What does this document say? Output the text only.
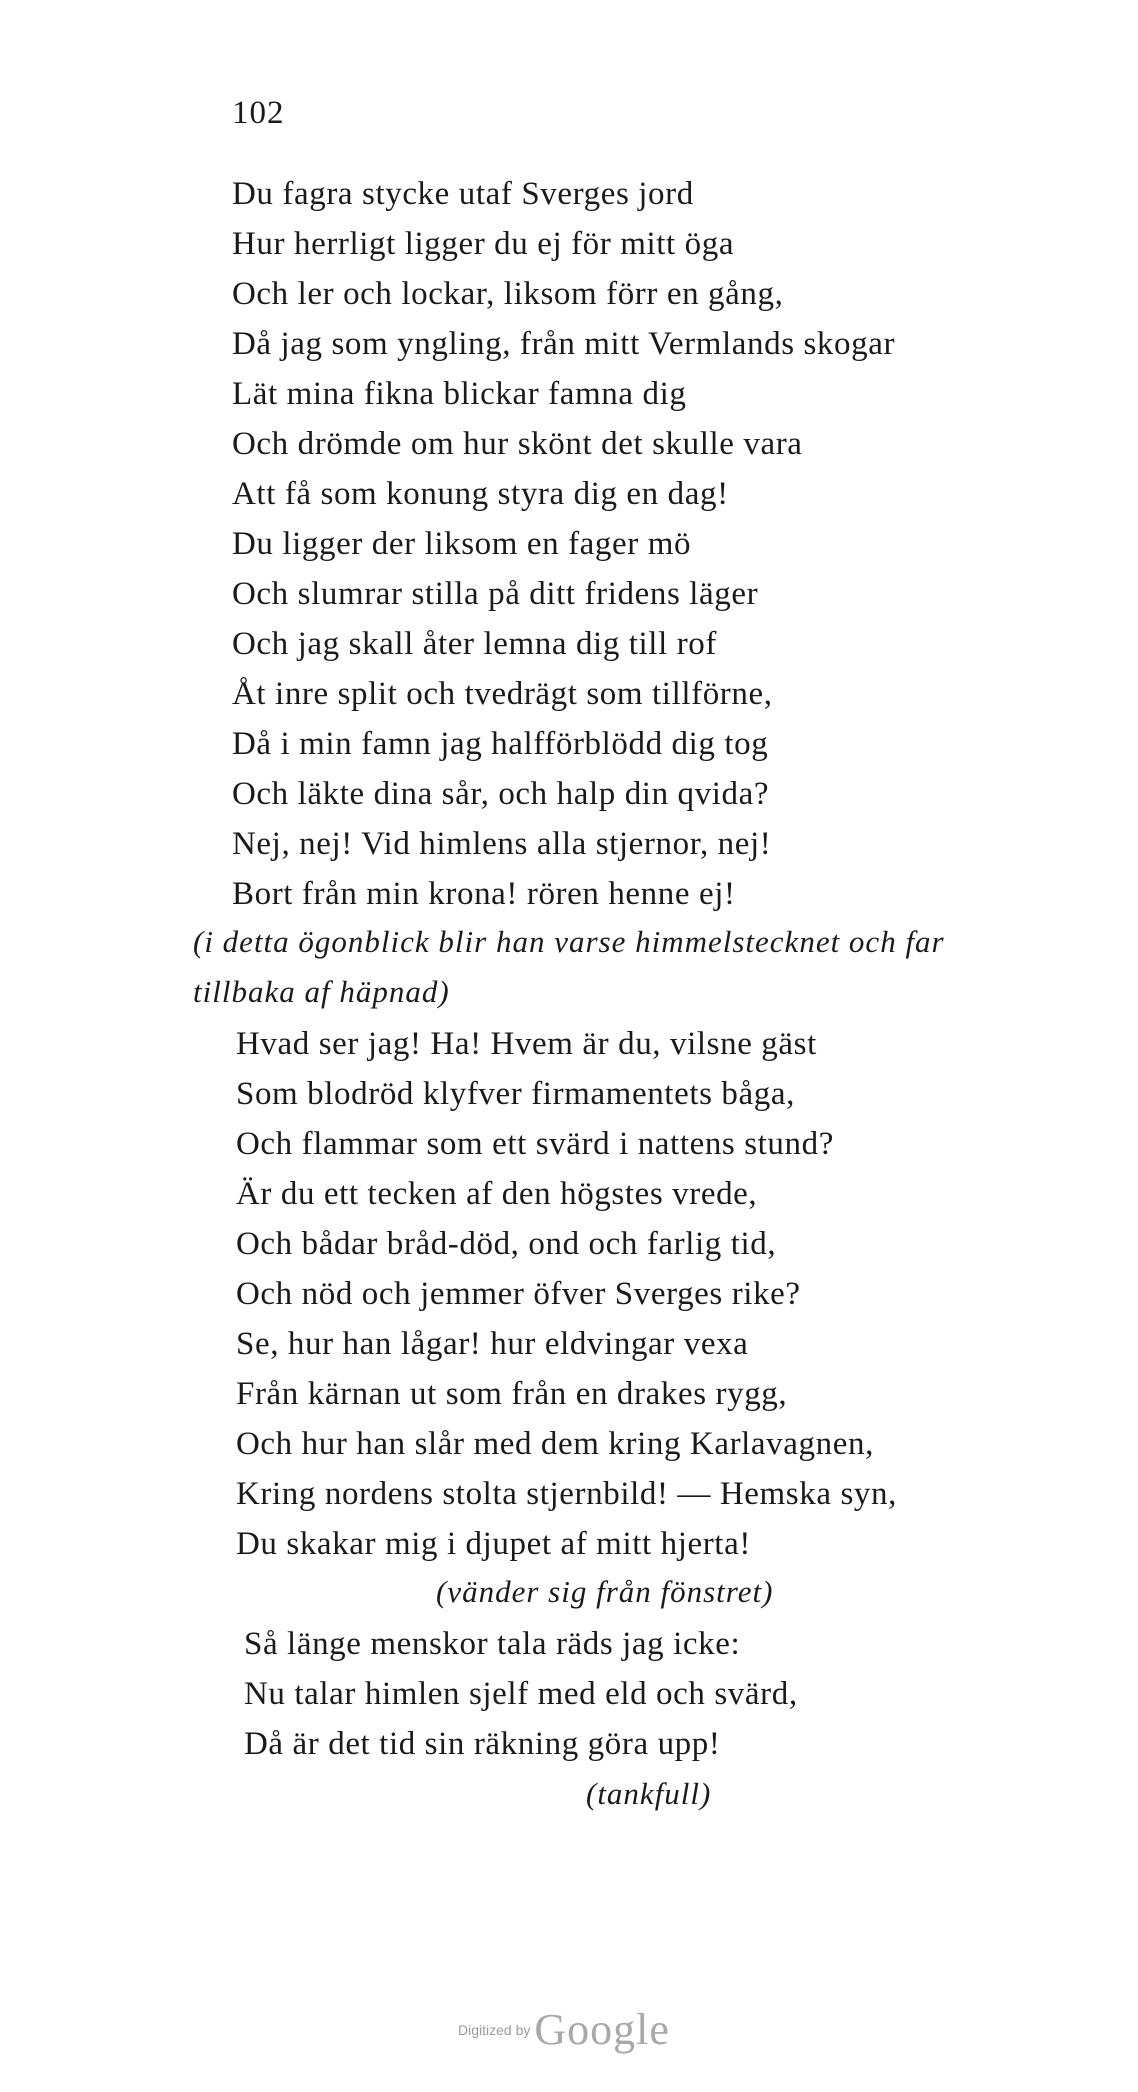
102
Du fagra stycke utaf Sverges jord
Hur herrligt ligger du ej för mitt öga
Och ler och lockar, liksom förr en gång,
Då jag som yngling, från mitt Vermlands skogar
Lät mina fikna blickar famna dig
Och drömde om hur skönt det skulle vara
Att få som konung styra dig en dag!
Du ligger der liksom en fager mö
Och slumrar stilla på ditt fridens läger
Och jag skall åter lemna dig till rof
Åt inre split och tvedrägt som tillförne,
Då i min famn jag halfförblödd dig tog
Och läkte dina sår, och halp din qvida?
Nej, nej! Vid himlens alla stjernor, nej!
Bort från min krona! rören henne ej!
(i detta ögonblick blir han varse himmelstecknet och far
tillbaka af häpnad)
Hvad ser jag! Ha! Hvem är du, vilsne gäst
Som blodröd klyfver firmamentets båga,
Och flammar som ett svärd i nattens stund?
Är du ett tecken af den högstes vrede,
Och bådar bråd-död, ond och farlig tid,
Och nöd och jemmer öfver Sverges rike?
Se, hur han lågar! hur eldvingar vexa
Från kärnan ut som från en drakes rygg,
Och hur han slår med dem kring Karlavagnen,
Kring nordens stolta stjernbild! — Hemska syn,
Du skakar mig i djupet af mitt hjerta!
(vänder sig från fönstret)
Så länge menskor tala räds jag icke:
Nu talar himlen sjelf med eld och svärd,
Då är det tid sin räkning göra upp!
(tankfull)
Digitized byGoogle
